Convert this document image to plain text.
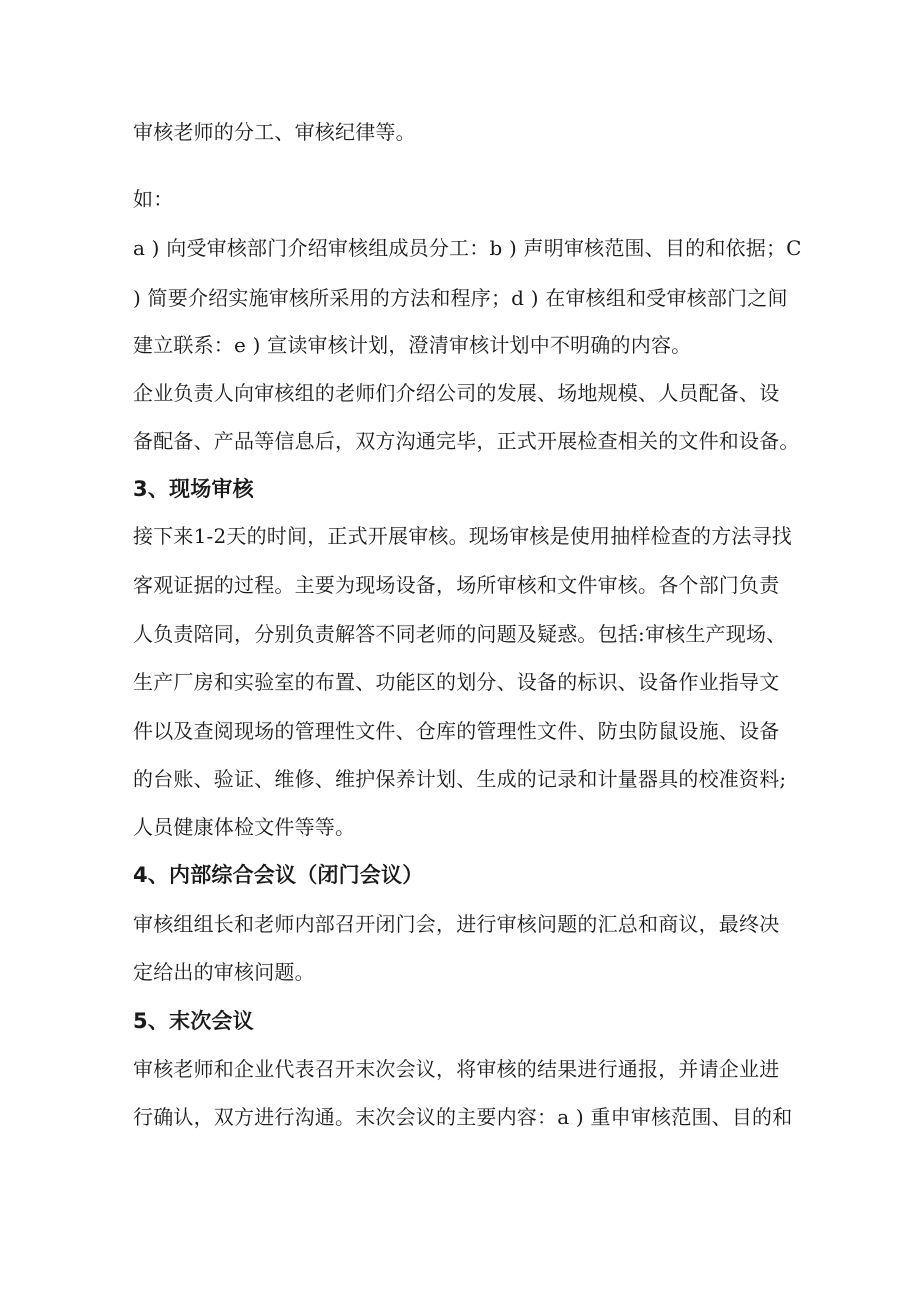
审核老师的分工、审核纪律等。
如：
a ) 向受审核部门介绍审核组成员分工：b ) 声明审核范围、目的和依据；C
) 简要介绍实施审核所采用的方法和程序；d ) 在审核组和受审核部门之间
建立联系：e ) 宣读审核计划，澄清审核计划中不明确的内容。
企业负责人向审核组的老师们介绍公司的发展、场地规模、人员配备、设
备配备、产品等信息后，双方沟通完毕，正式开展检查相关的文件和设备。
3、现场审核
接下来1-2天的时间，正式开展审核。现场审核是使用抽样检查的方法寻找
客观证据的过程。主要为现场设备，场所审核和文件审核。各个部门负责
人负责陪同，分别负责解答不同老师的问题及疑惑。包括:审核生产现场、
生产厂房和实验室的布置、功能区的划分、设备的标识、设备作业指导文
件以及查阅现场的管理性文件、仓库的管理性文件、防虫防鼠设施、设备
的台账、验证、维修、维护保养计划、生成的记录和计量器具的校准资料;
人员健康体检文件等等。
4、内部综合会议（闭门会议）
审核组组长和老师内部召开闭门会，进行审核问题的汇总和商议，最终决
定给出的审核问题。
5、末次会议
审核老师和企业代表召开末次会议，将审核的结果进行通报，并请企业进
行确认，双方进行沟通。末次会议的主要内容：a ) 重申审核范围、目的和
